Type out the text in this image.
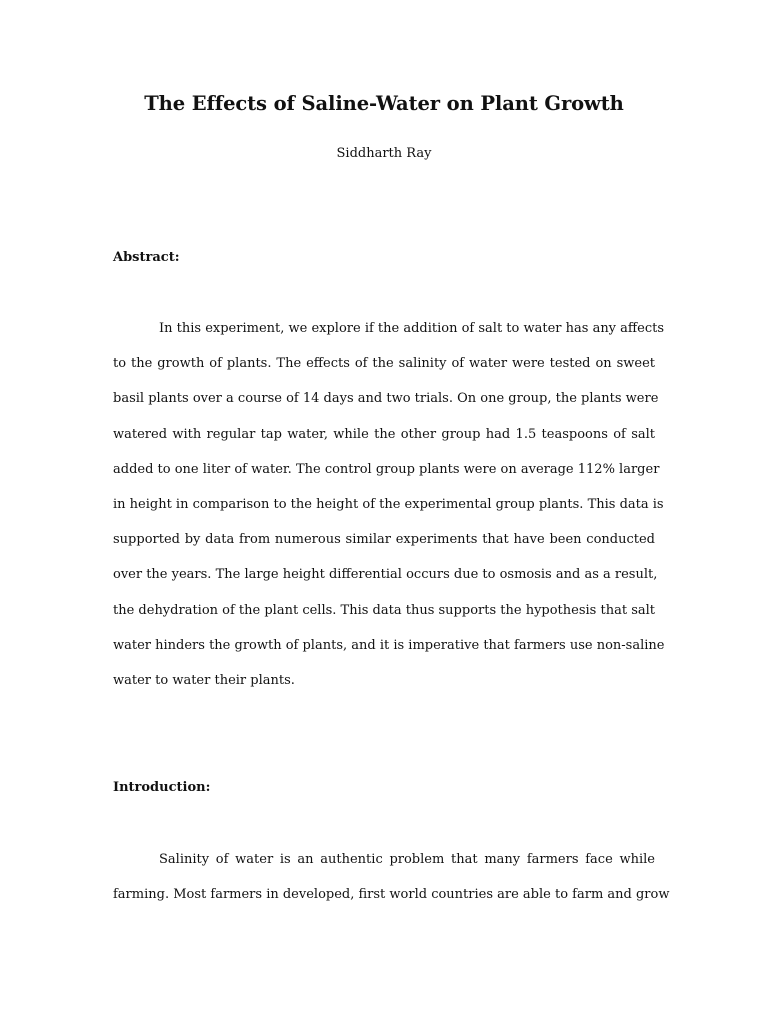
The Effects of Saline-Water on Plant Growth

Siddharth Ray

Abstract:
In this experiment, we explore if the addition of salt to water has any affects
to the growth of plants. The effects of the salinity of water were tested on sweet
basil plants over a course of 14 days and two trials. On one group, the plants were
watered with regular tap water, while the other group had 1.5 teaspoons of salt
added to one liter of water. The control group plants were on average 112% larger
in height in comparison to the height of the experimental group plants. This data is
supported by data from numerous similar experiments that have been conducted
over the years. The large height differential occurs due to osmosis and as a result,
the dehydration of the plant cells. This data thus supports the hypothesis that salt
water hinders the growth of plants, and it is imperative that farmers use non-saline
water to water their plants.
Introduction:
Salinity of water is an authentic problem that many farmers face while
farming. Most farmers in developed, first world countries are able to farm and grow
